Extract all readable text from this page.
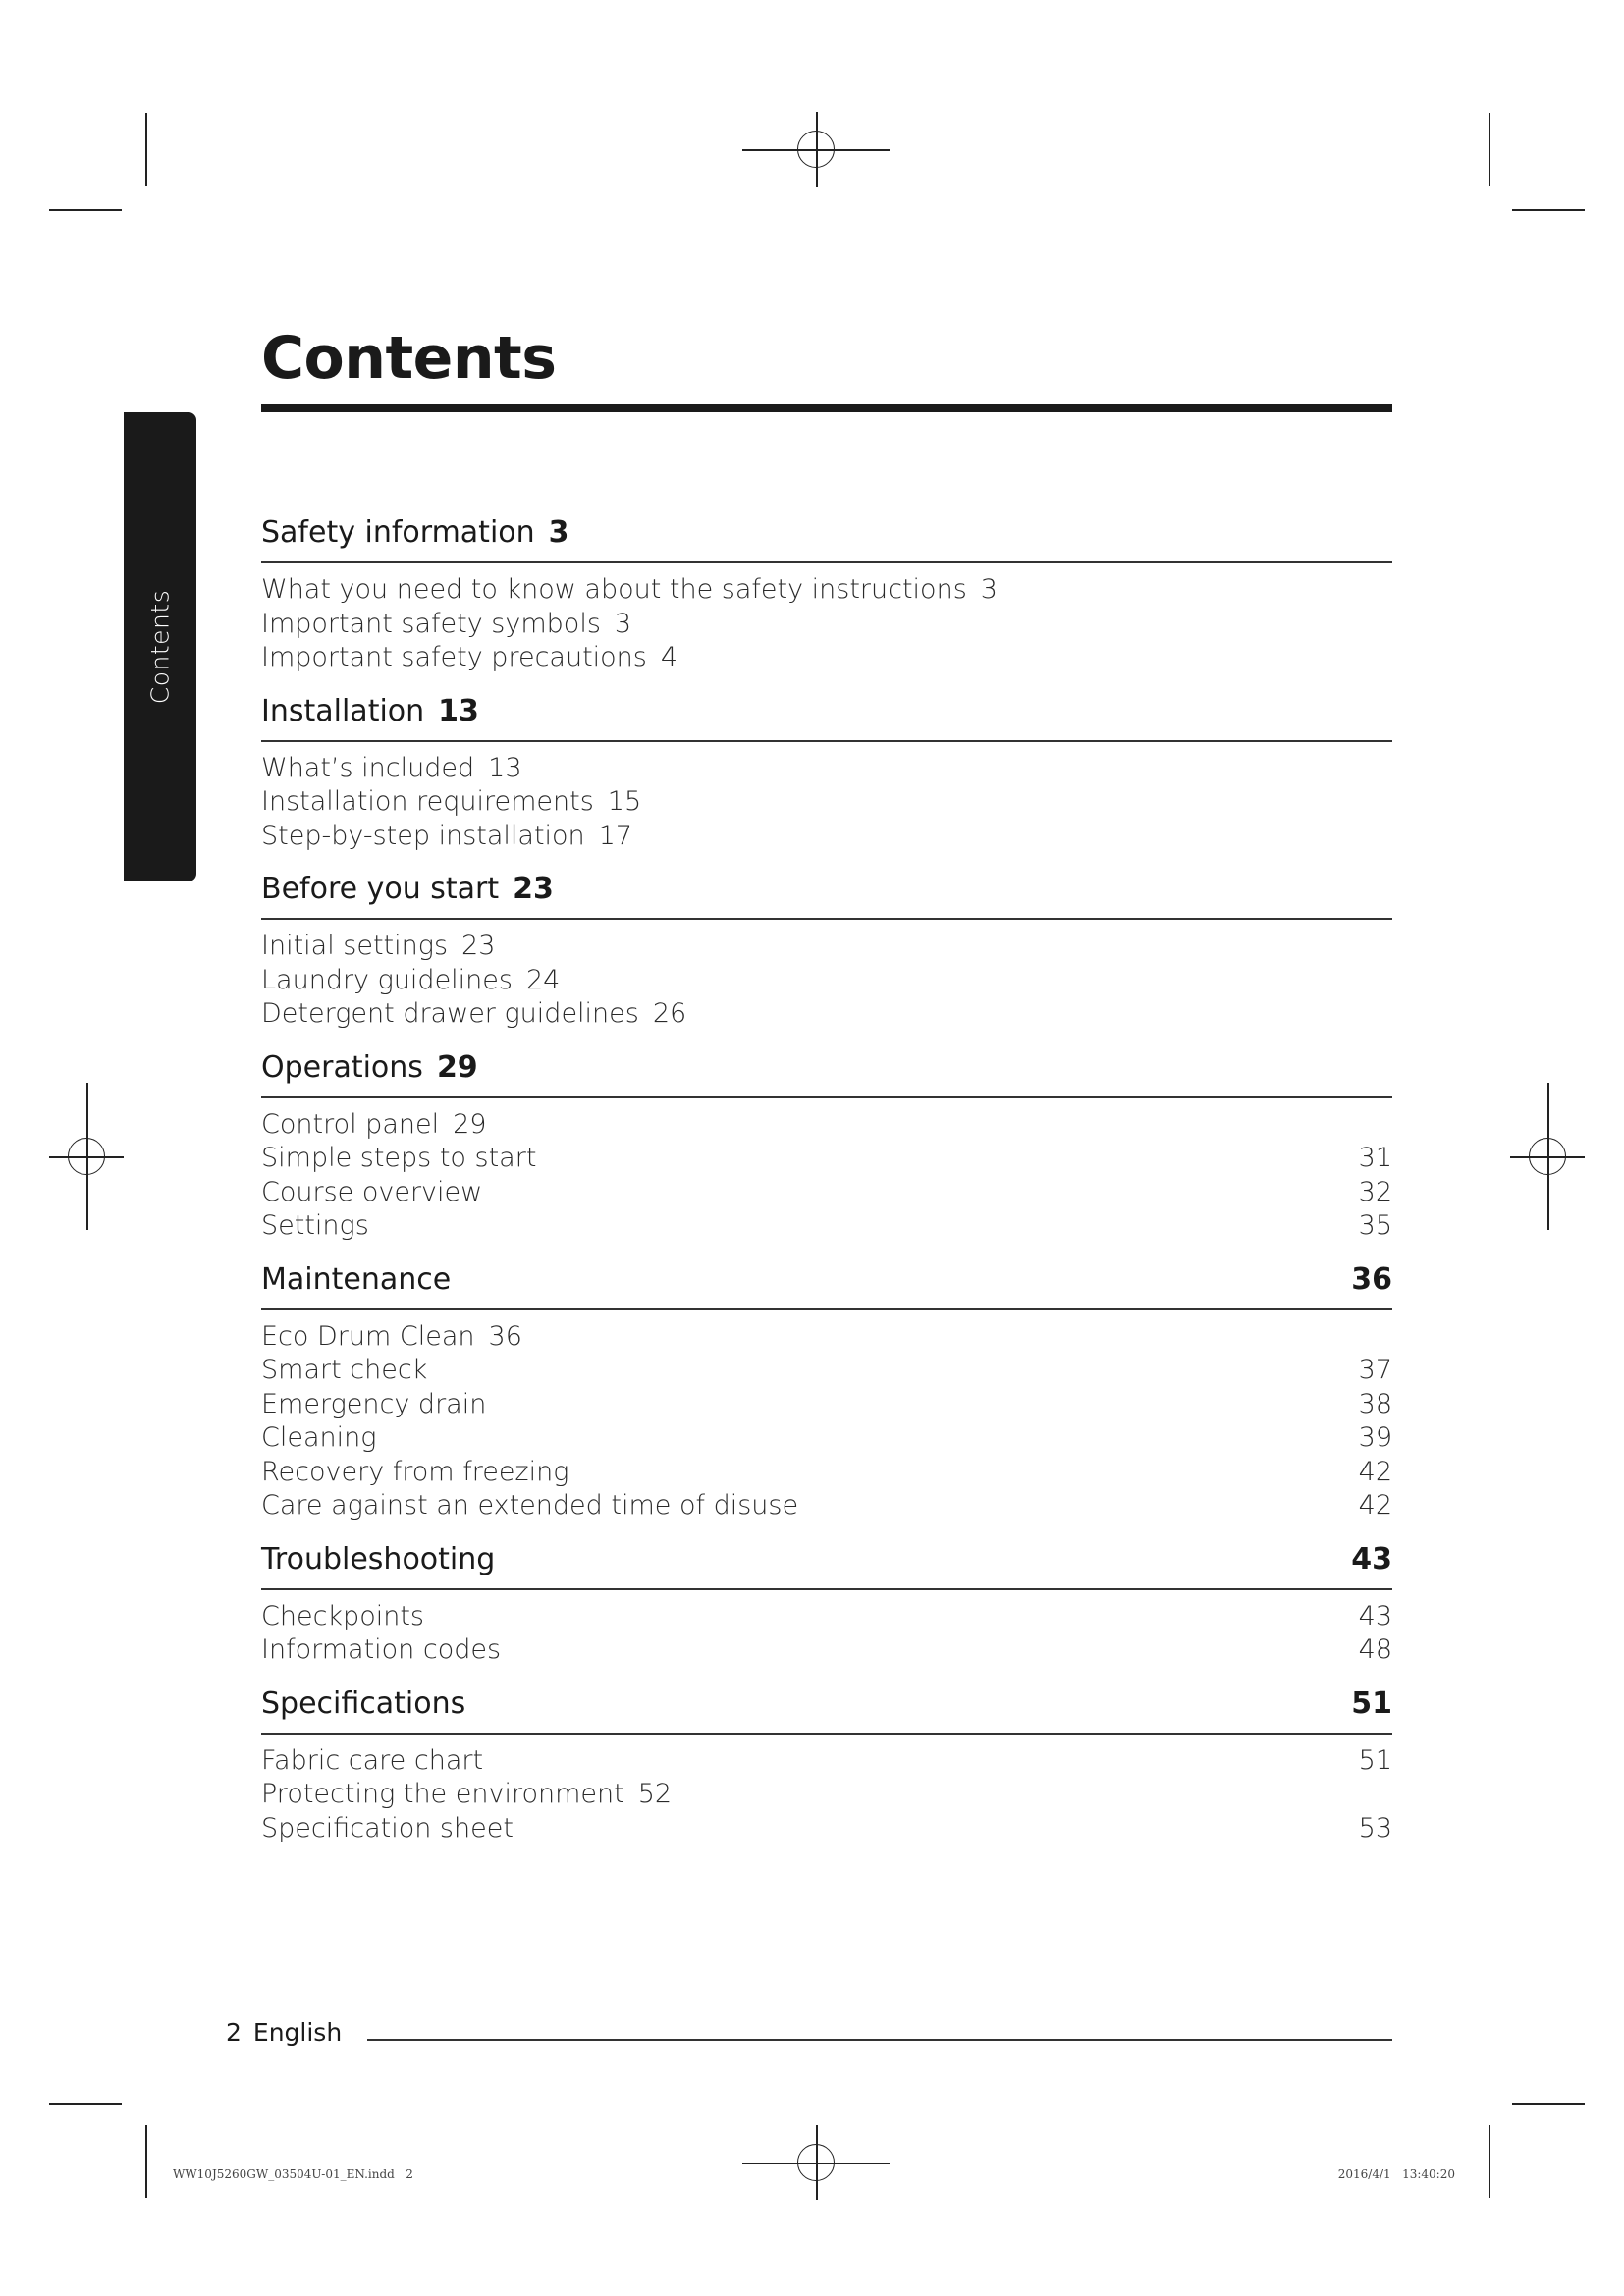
Contents
Contents
Safety information 3
What you need to know about the safety instructions 3
Important safety symbols 3
Important safety precautions 4
Installation 13
What’s included 13
Installation requirements 15
Step-by-step installation 17
Before you start 23
Initial settings 23
Laundry guidelines 24
Detergent drawer guidelines 26
Operations 29
Control panel 29
Simple steps to start	31
Course overview	32
Settings	35
Maintenance	36
Eco Drum Clean 36
Smart check	37
Emergency drain	38
Cleaning	39
Recovery from freezing	42
Care against an extended time of disuse	42
Troubleshooting	43
Checkpoints	43
Information codes	48
Specifications	51
Fabric care chart	51
Protecting the environment 52
Specification sheet	53
2 English
WW10J5260GW_03504U-01_EN.indd   2	2016/4/1   13:40:20
